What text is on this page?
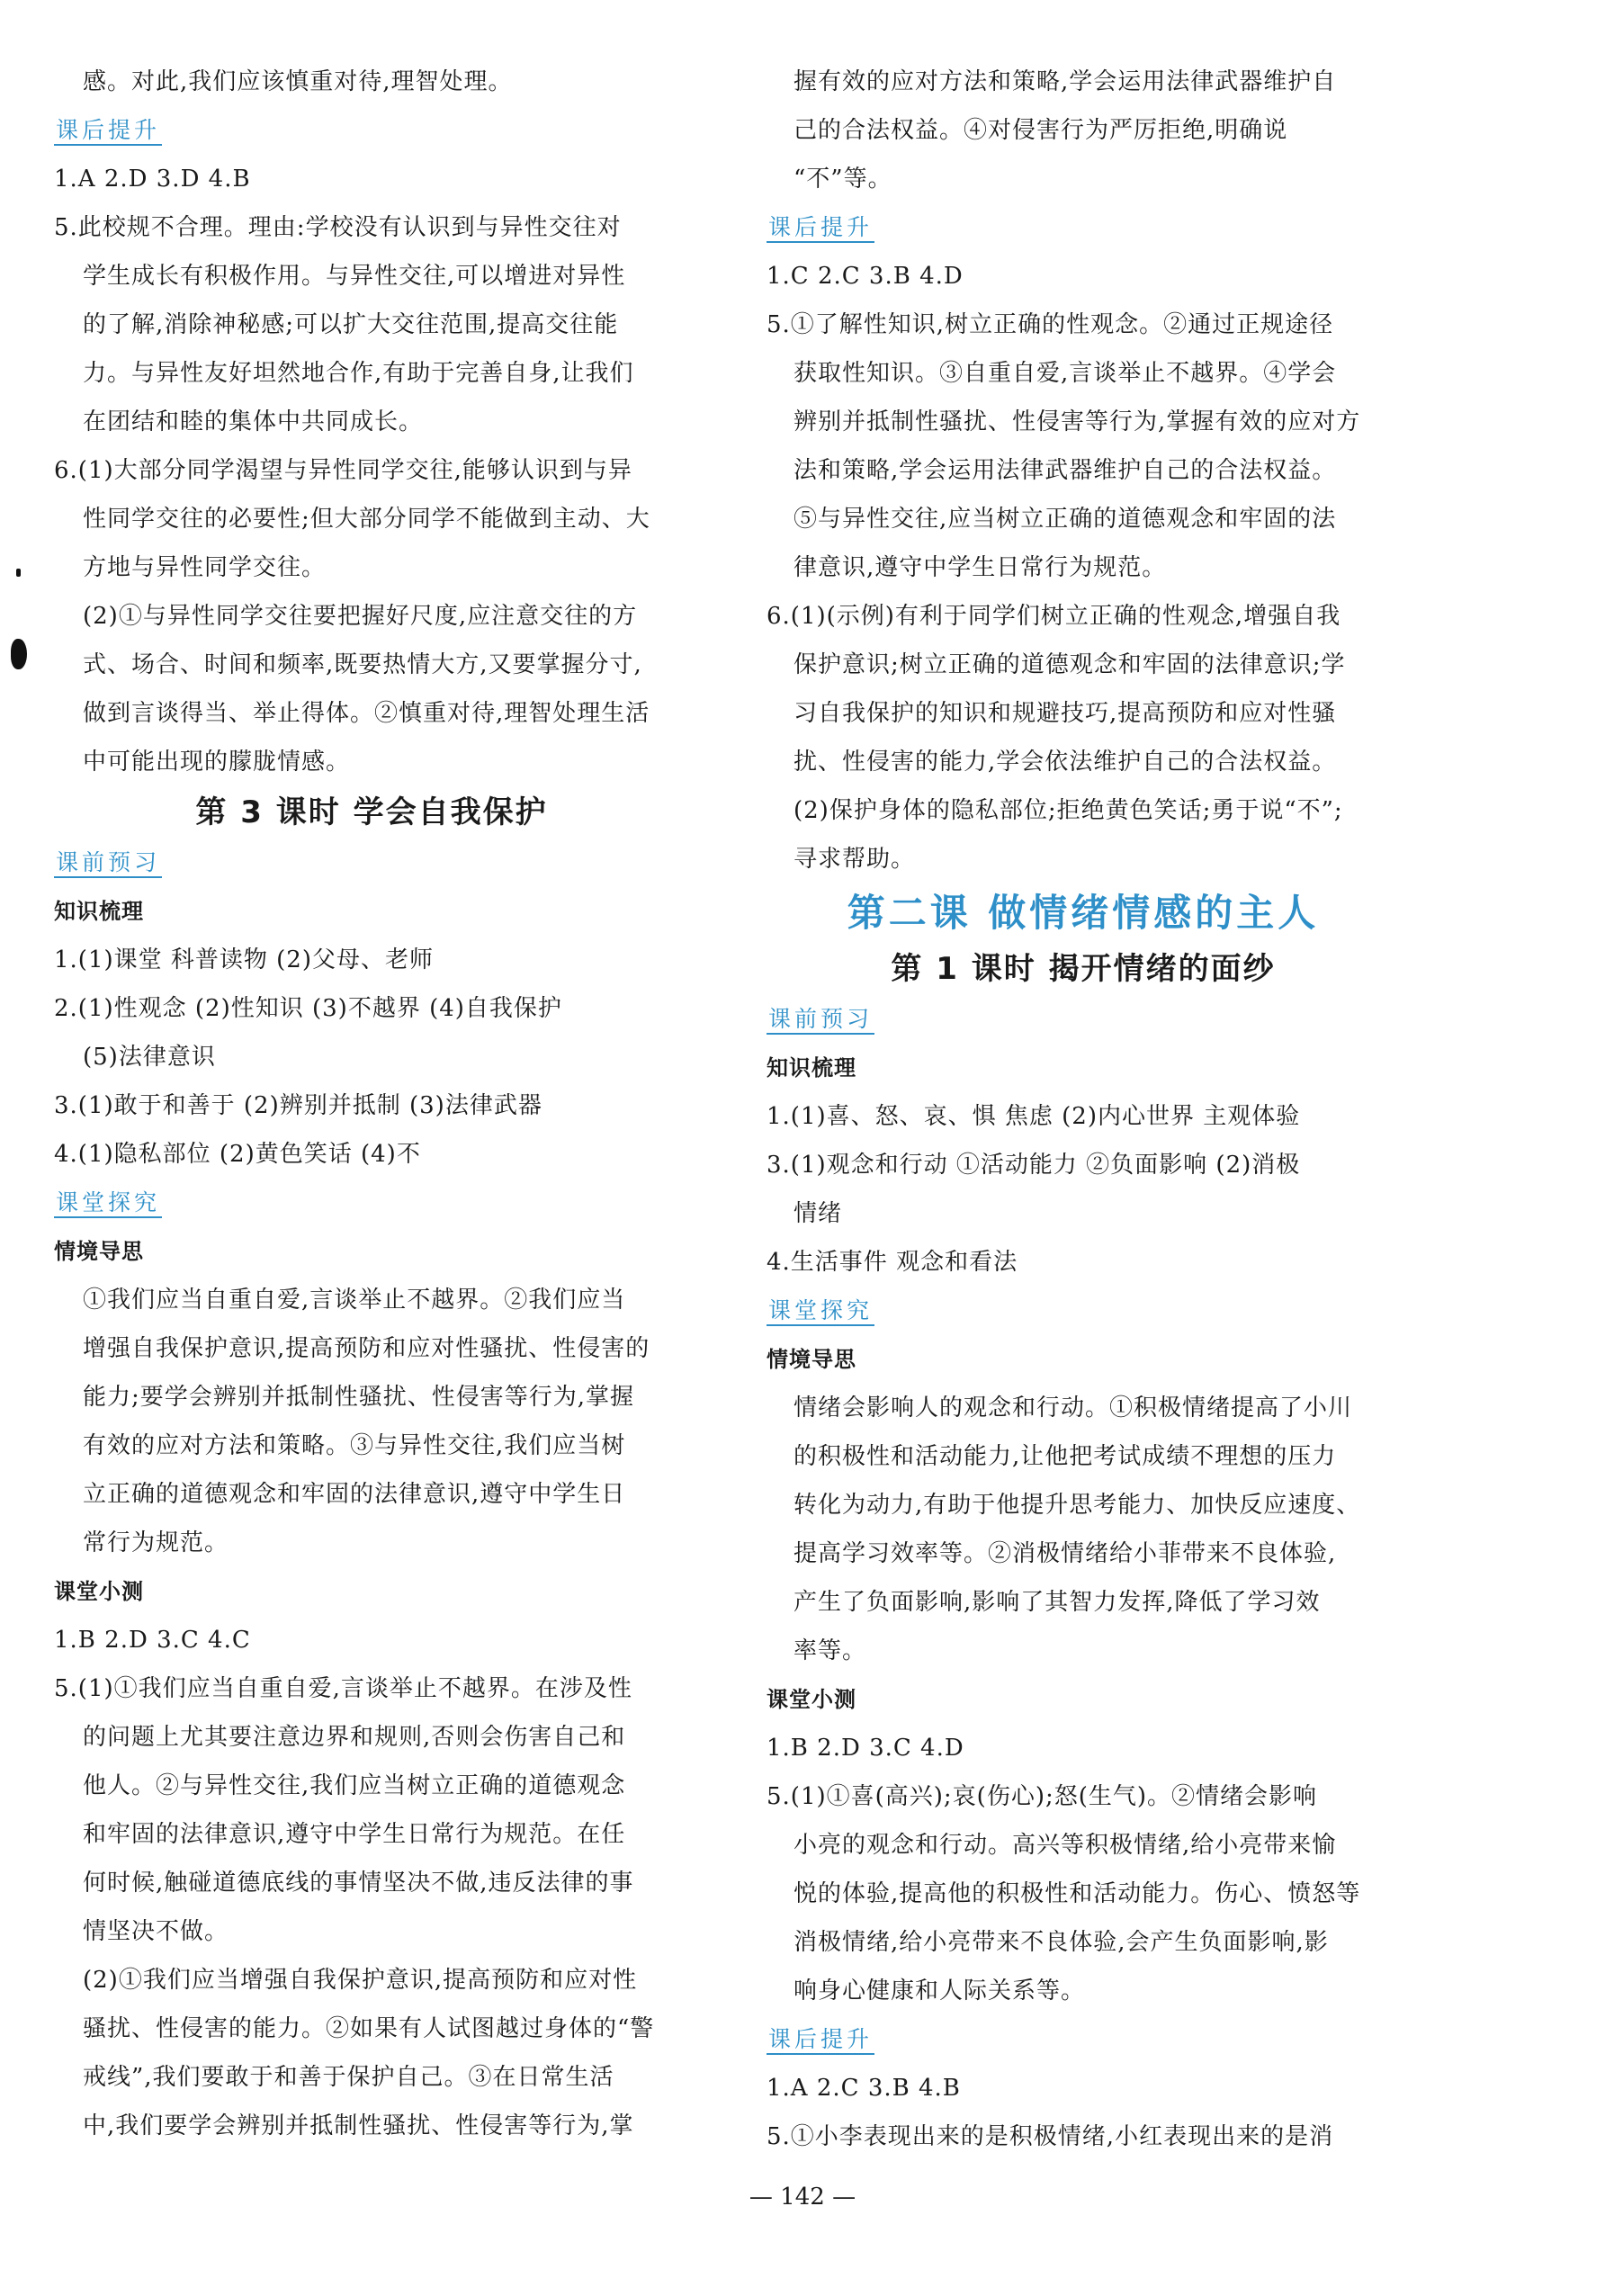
感。对此,我们应该慎重对待,理智处理。
课后提升
1.A 2.D 3.D 4.B
5.此校规不合理。理由:学校没有认识到与异性交往对
学生成长有积极作用。与异性交往,可以增进对异性
的了解,消除神秘感;可以扩大交往范围,提高交往能
力。与异性友好坦然地合作,有助于完善自身,让我们
在团结和睦的集体中共同成长。
6.(1)大部分同学渴望与异性同学交往,能够认识到与异
性同学交往的必要性;但大部分同学不能做到主动、大
方地与异性同学交往。
(2)①与异性同学交往要把握好尺度,应注意交往的方
式、场合、时间和频率,既要热情大方,又要掌握分寸,
做到言谈得当、举止得体。②慎重对待,理智处理生活
中可能出现的朦胧情感。
第 3 课时 学会自我保护
课前预习
知识梳理
1.(1)课堂 科普读物 (2)父母、老师
2.(1)性观念 (2)性知识 (3)不越界 (4)自我保护
(5)法律意识
3.(1)敢于和善于 (2)辨别并抵制 (3)法律武器
4.(1)隐私部位 (2)黄色笑话 (4)不
课堂探究
情境导思
①我们应当自重自爱,言谈举止不越界。②我们应当
增强自我保护意识,提高预防和应对性骚扰、性侵害的
能力;要学会辨别并抵制性骚扰、性侵害等行为,掌握
有效的应对方法和策略。③与异性交往,我们应当树
立正确的道德观念和牢固的法律意识,遵守中学生日
常行为规范。
课堂小测
1.B 2.D 3.C 4.C
5.(1)①我们应当自重自爱,言谈举止不越界。在涉及性
的问题上尤其要注意边界和规则,否则会伤害自己和
他人。②与异性交往,我们应当树立正确的道德观念
和牢固的法律意识,遵守中学生日常行为规范。在任
何时候,触碰道德底线的事情坚决不做,违反法律的事
情坚决不做。
(2)①我们应当增强自我保护意识,提高预防和应对性
骚扰、性侵害的能力。②如果有人试图越过身体的“警
戒线”,我们要敢于和善于保护自己。③在日常生活
中,我们要学会辨别并抵制性骚扰、性侵害等行为,掌
握有效的应对方法和策略,学会运用法律武器维护自
己的合法权益。④对侵害行为严厉拒绝,明确说
“不”等。
课后提升
1.C 2.C 3.B 4.D
5.①了解性知识,树立正确的性观念。②通过正规途径
获取性知识。③自重自爱,言谈举止不越界。④学会
辨别并抵制性骚扰、性侵害等行为,掌握有效的应对方
法和策略,学会运用法律武器维护自己的合法权益。
⑤与异性交往,应当树立正确的道德观念和牢固的法
律意识,遵守中学生日常行为规范。
6.(1)(示例)有利于同学们树立正确的性观念,增强自我
保护意识;树立正确的道德观念和牢固的法律意识;学
习自我保护的知识和规避技巧,提高预防和应对性骚
扰、性侵害的能力,学会依法维护自己的合法权益。
(2)保护身体的隐私部位;拒绝黄色笑话;勇于说“不”;
寻求帮助。
第二课 做情绪情感的主人
第 1 课时 揭开情绪的面纱
课前预习
知识梳理
1.(1)喜、怒、哀、惧 焦虑 (2)内心世界 主观体验
3.(1)观念和行动 ①活动能力 ②负面影响 (2)消极
情绪
4.生活事件 观念和看法
课堂探究
情境导思
情绪会影响人的观念和行动。①积极情绪提高了小川
的积极性和活动能力,让他把考试成绩不理想的压力
转化为动力,有助于他提升思考能力、加快反应速度、
提高学习效率等。②消极情绪给小菲带来不良体验,
产生了负面影响,影响了其智力发挥,降低了学习效
率等。
课堂小测
1.B 2.D 3.C 4.D
5.(1)①喜(高兴);哀(伤心);怒(生气)。②情绪会影响
小亮的观念和行动。高兴等积极情绪,给小亮带来愉
悦的体验,提高他的积极性和活动能力。伤心、愤怒等
消极情绪,给小亮带来不良体验,会产生负面影响,影
响身心健康和人际关系等。
课后提升
1.A 2.C 3.B 4.B
5.①小李表现出来的是积极情绪,小红表现出来的是消
— 142 —
